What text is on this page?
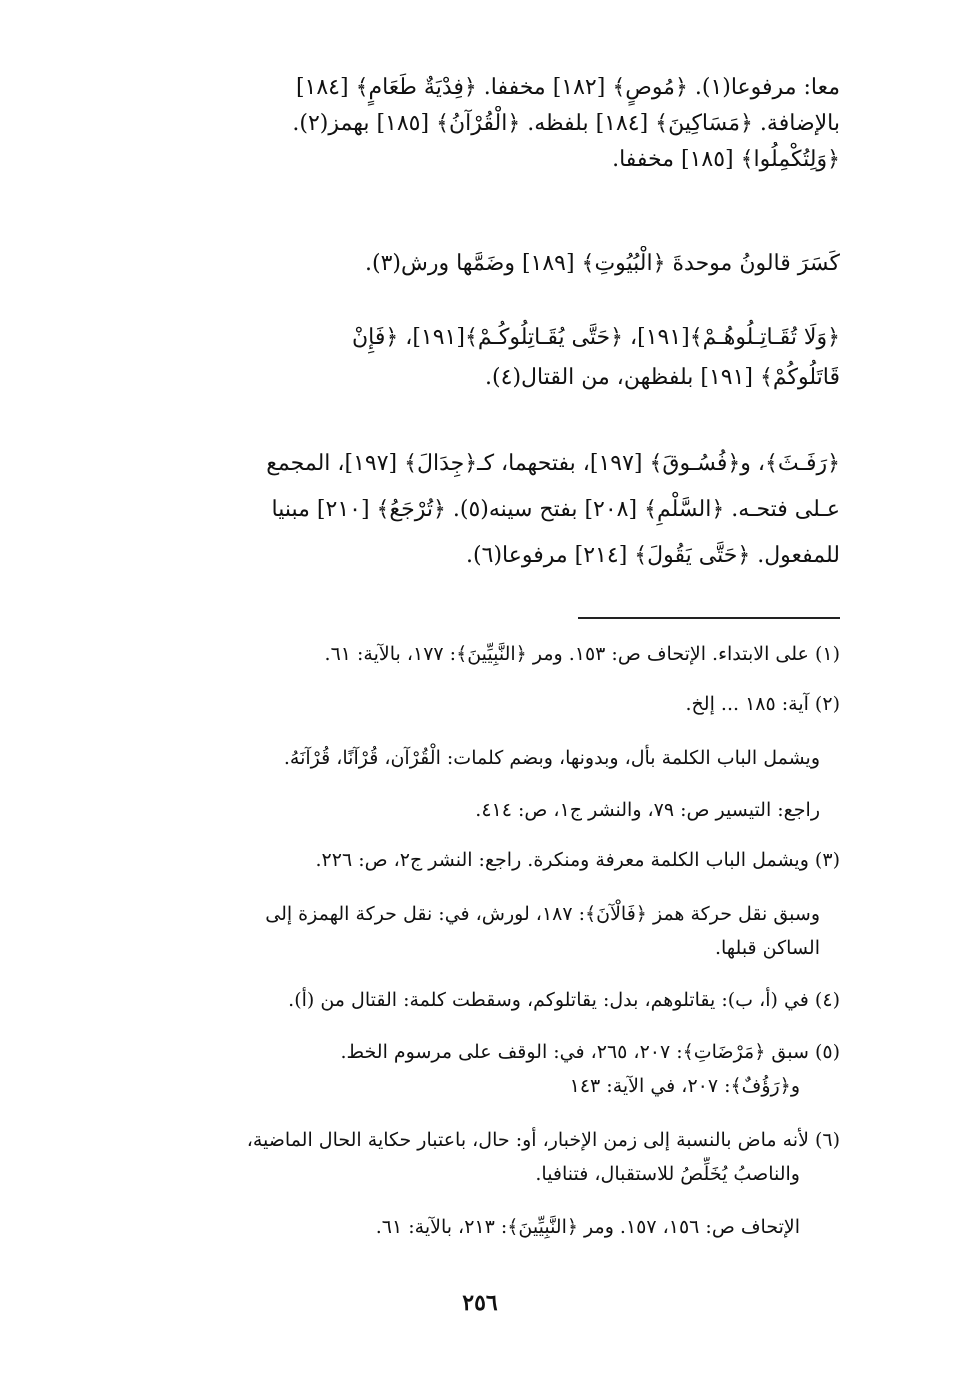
معا: مرفوعا(١). ﴿مُوصٍ﴾ [١٨٢] مخففا. ﴿فِدْيَةٌ طَعَامٍ﴾ [١٨٤]
بالإضافة. ﴿مَسَاكِينَ﴾ [١٨٤] بلفظه. ﴿الْقُرْآنُ﴾ [١٨٥] بهمز(٢).
﴿وَلِتُكْمِلُوا﴾ [١٨٥] مخففا.
كَسَرَ قالونُ موحدةَ ﴿الْبُيُوتِ﴾ [١٨٩] وضَمَّها ورش(٣).
﴿وَلَا تُقَـاتِـلُوهُـمْ﴾[١٩١]، ﴿حَتَّى يُقَـاتِلُوكُـمْ﴾[١٩١]، ﴿فَإِنْ
قَاتَلُوكُمْ﴾ [١٩١] بلفظهن، من القتال(٤).
﴿رَفَـثَ﴾، و﴿فُسُـوقَ﴾ [١٩٧]، بفتحهما، كـ﴿جِدَالَ﴾ [١٩٧]، المجمع
عـلى فتحـه. ﴿السَّلْمِ﴾ [٢٠٨] بفتح سينه(٥). ﴿تُرْجَعُ﴾ [٢١٠] مبنيا
للمفعول. ﴿حَتَّى يَقُولَ﴾ [٢١٤] مرفوعا(٦).
(١) على الابتداء. الإتحاف ص: ١٥٣. ومر ﴿النَّبِيِّينَ﴾: ١٧٧، بالآية: ٦١.
(٢) آية: ١٨٥ ... إلخ.
ويشمل الباب الكلمة بأل، وبدونها، وبضم كلمات: الْقُرْآن، قُرْآنًا، قُرْآنَهُ.
راجع: التيسير ص: ٧٩، والنشر ج١، ص: ٤١٤.
(٣) ويشمل الباب الكلمة معرفة ومنكرة. راجع: النشر ج٢، ص: ٢٢٦.
وسبق نقل حركة همز ﴿فَالْآنَ﴾: ١٨٧، لورش، في: نقل حركة الهمزة إلى
الساكن قبلها.
(٤) في (أ، ب): يقاتلوهم، بدل: يقاتلوكم، وسقطت كلمة: القتال من (أ).
(٥) سبق ﴿مَرْضَاتِ﴾: ٢٠٧، ٢٦٥، في: الوقف على مرسوم الخط.
و﴿رَؤُفٌ﴾: ٢٠٧، في الآية: ١٤٣
(٦) لأنه ماض بالنسبة إلى زمن الإخبار، أو: حال، باعتبار حكاية الحال الماضية،
والناصبُ يُخَلِّصُ للاستقبال، فتنافيا.
الإتحاف ص: ١٥٦، ١٥٧. ومر ﴿النَّبِيِّينَ﴾: ٢١٣، بالآية: ٦١.
٢٥٦
